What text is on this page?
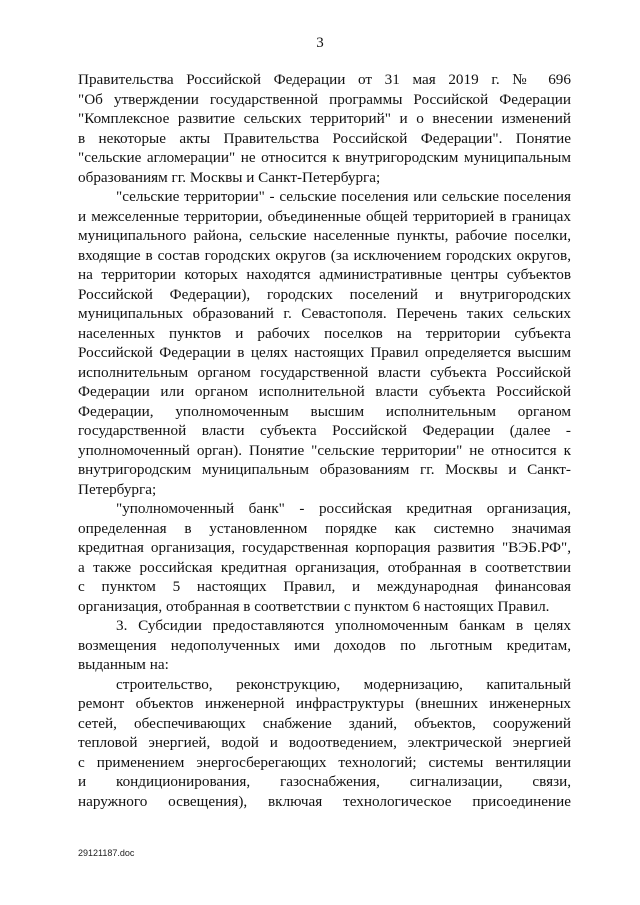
3
Правительства Российской Федерации от 31 мая 2019 г. № 696
"Об утверждении государственной программы Российской Федерации
"Комплексное развитие сельских территорий" и о внесении изменений
в некоторые акты Правительства Российской Федерации". Понятие
"сельские агломерации" не относится к внутригородским муниципальным
образованиям гг. Москвы и Санкт-Петербурга;
"сельские территории" - сельские поселения или сельские поселения
и межселенные территории, объединенные общей территорией в границах
муниципального района, сельские населенные пункты, рабочие поселки,
входящие в состав городских округов (за исключением городских округов,
на территории которых находятся административные центры субъектов
Российской Федерации), городских поселений и внутригородских
муниципальных образований г. Севастополя. Перечень таких сельских
населенных пунктов и рабочих поселков на территории субъекта
Российской Федерации в целях настоящих Правил определяется высшим
исполнительным органом государственной власти субъекта Российской
Федерации или органом исполнительной власти субъекта Российской
Федерации, уполномоченным высшим исполнительным органом
государственной власти субъекта Российской Федерации (далее -
уполномоченный орган). Понятие "сельские территории" не относится к
внутригородским муниципальным образованиям гг. Москвы и Санкт-
Петербурга;
"уполномоченный банк" - российская кредитная организация,
определенная в установленном порядке как системно значимая
кредитная организация, государственная корпорация развития "ВЭБ.РФ",
а также российская кредитная организация, отобранная в соответствии
с пунктом 5 настоящих Правил, и международная финансовая
организация, отобранная в соответствии с пунктом 6 настоящих Правил.
3. Субсидии предоставляются уполномоченным банкам в целях
возмещения недополученных ими доходов по льготным кредитам,
выданным на:
строительство, реконструкцию, модернизацию, капитальный
ремонт объектов инженерной инфраструктуры (внешних инженерных
сетей, обеспечивающих снабжение зданий, объектов, сооружений
тепловой энергией, водой и водоотведением, электрической энергией
с применением энергосберегающих технологий; системы вентиляции
и кондиционирования, газоснабжения, сигнализации, связи,
наружного освещения), включая технологическое присоединение
29121187.doc
